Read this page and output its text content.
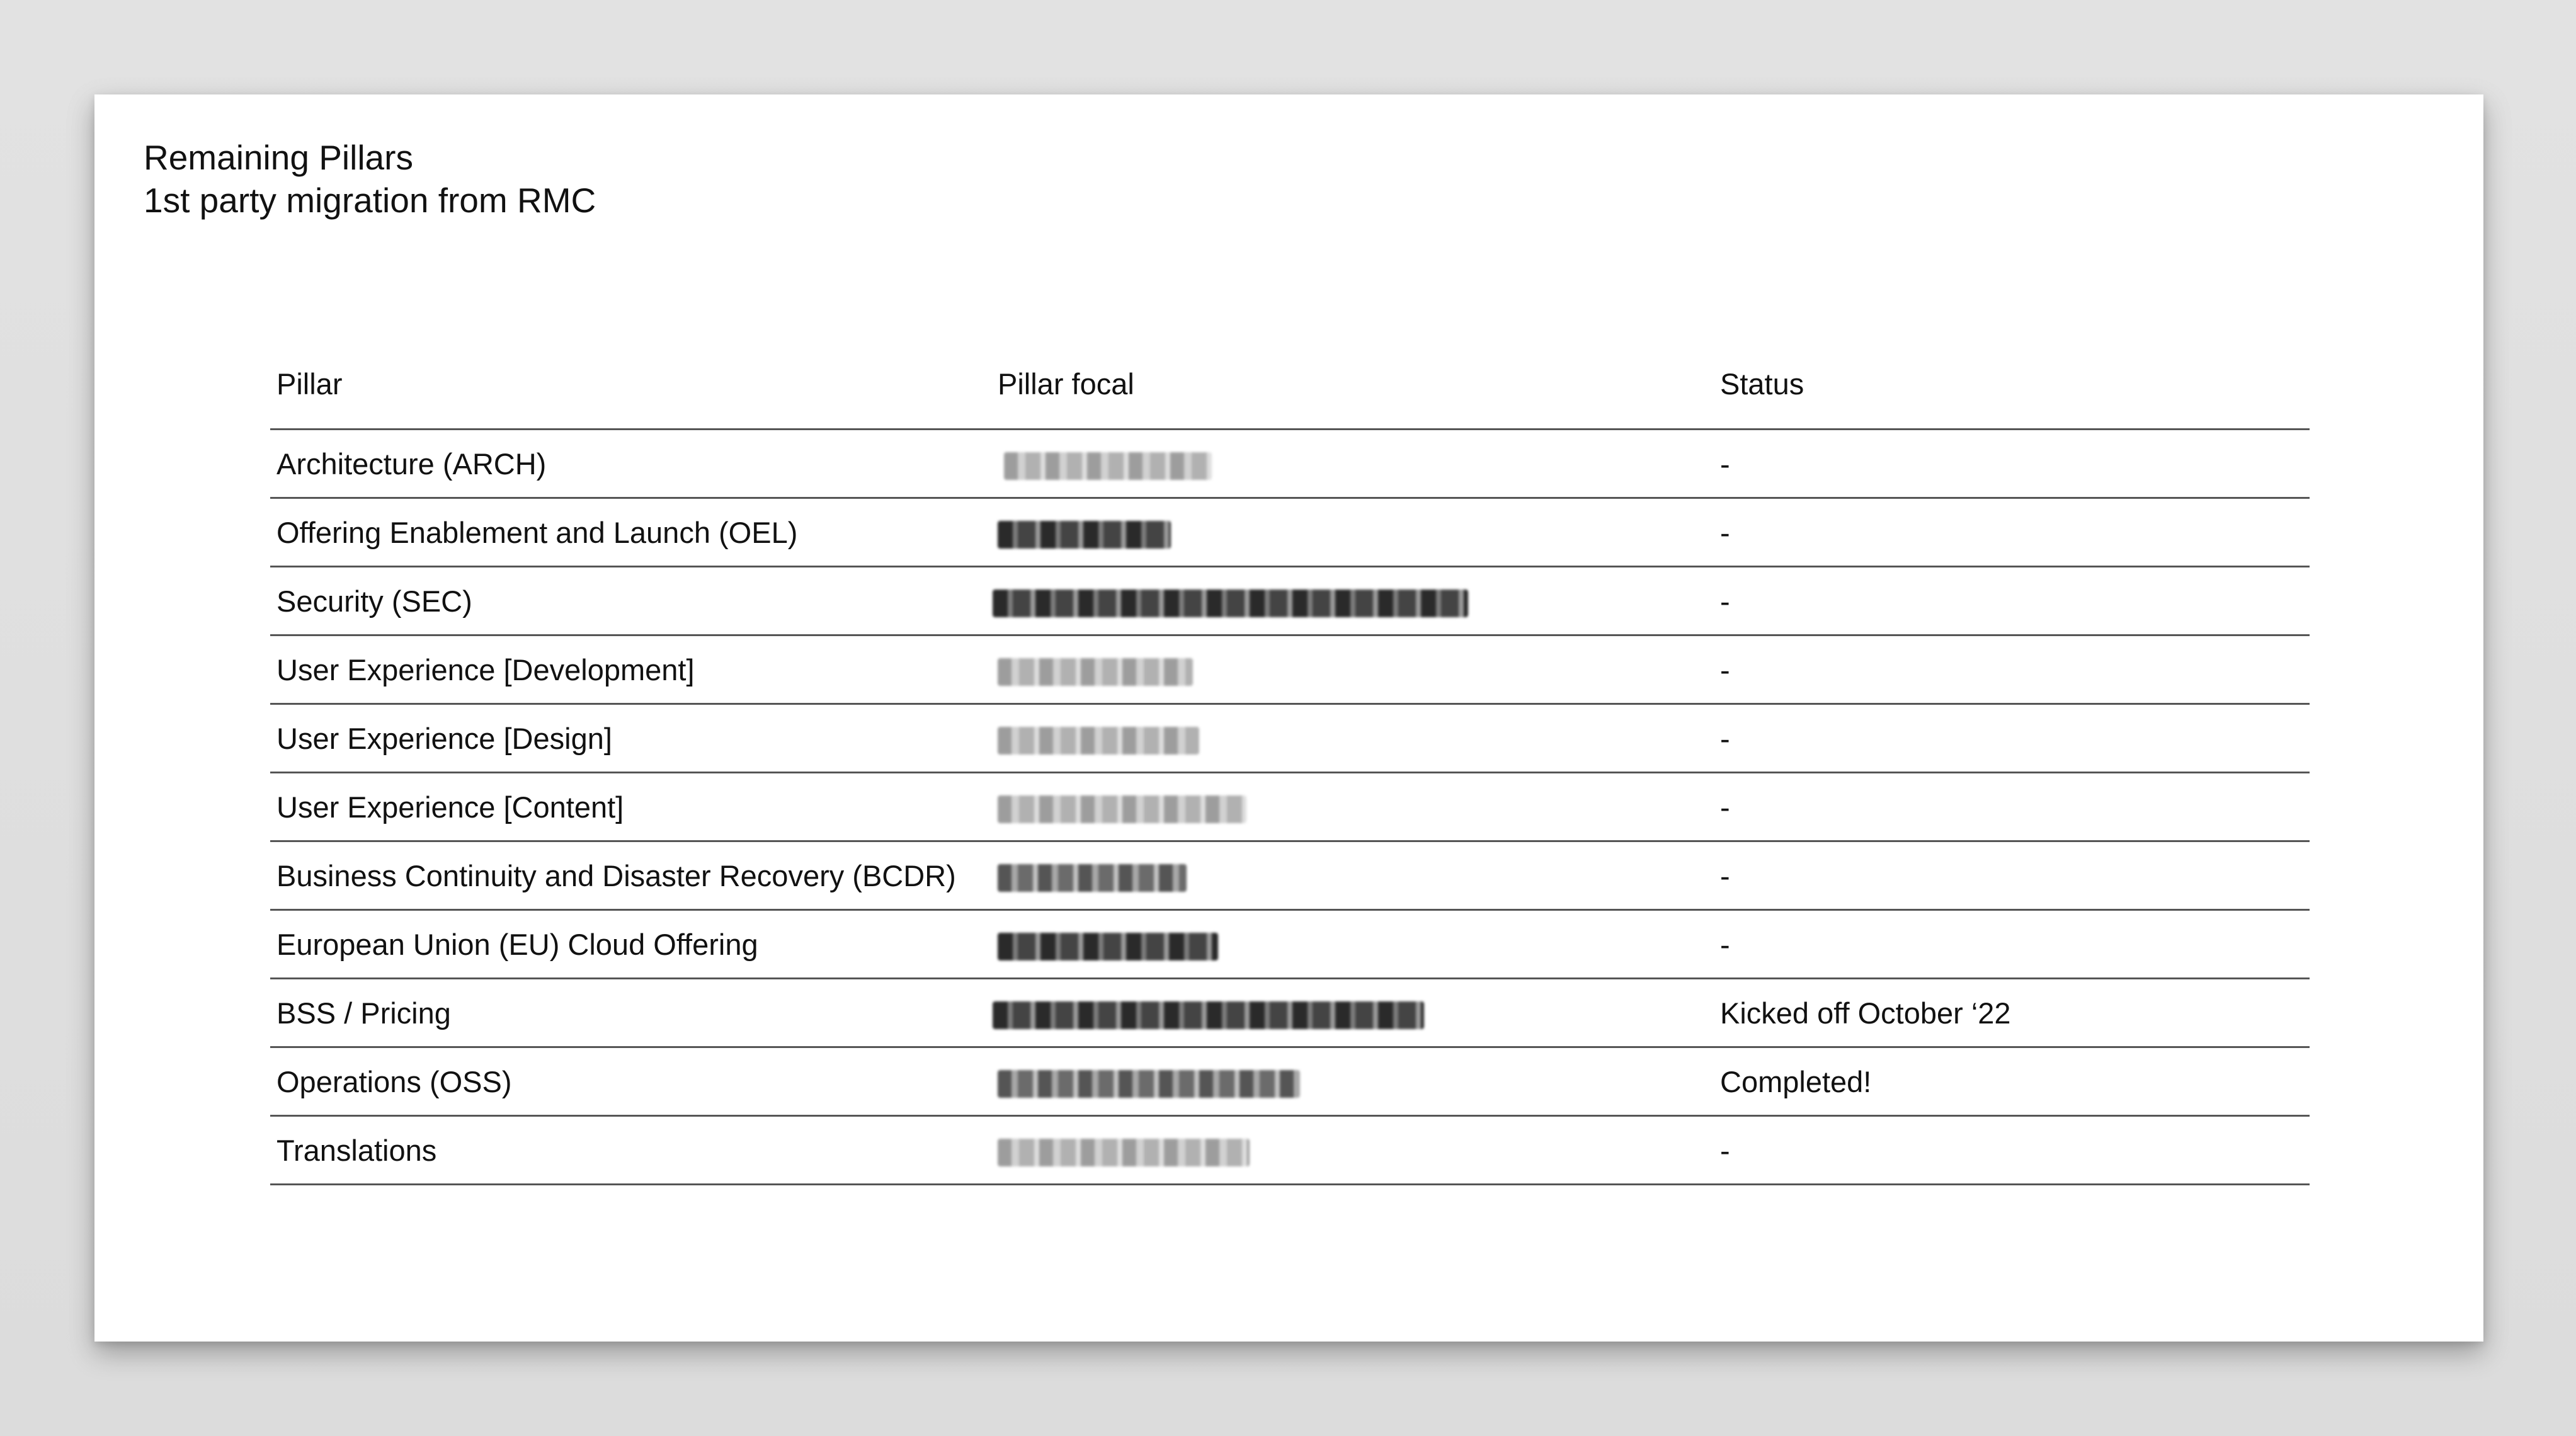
Remaining Pillars
1st party migration from RMC
Pillar	Pillar focal	Status
Architecture (ARCH)		-
Offering Enablement and Launch (OEL)		-
Security (SEC)		-
User Experience [Development]		-
User Experience [Design]		-
User Experience [Content]		-
Business Continuity and Disaster Recovery (BCDR)		-
European Union (EU) Cloud Offering		-
BSS / Pricing		Kicked off October ‘22
Operations (OSS)		Completed!
Translations		-
